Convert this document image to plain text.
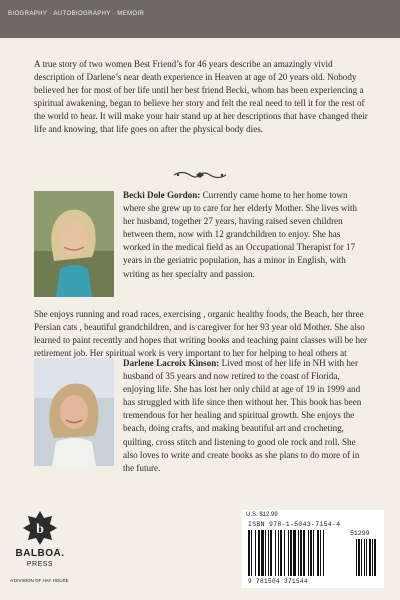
BIOGRAPHY · AUTOBIOGRAPHY · MEMOIR

A true story of two women Best Friend’s for 46 years describe an amazingly vivid description of Darlene’s near death experience in Heaven at age of 20 years old. Nobody believed her for most of her life until her best friend Becki, whom has been experiencing a spiritual awakening, began to believe her story and felt the real need to tell it for the rest of the world to hear. It will make your hair stand up at her descriptions that have changed their life and knowing, that life goes on after the physical body dies.

Becki Dole Gordon: Currently came home to her home town where she grew up to care for her elderly Mother. She lives with her husband, together 27 years, having raised seven children between them, now with 12 grandchildren to enjoy. She has worked in the medical field as an Occupational Therapist for 17 years in the geriatric population, has a minor in English, with writing as her specialty and passion.

She enjoys running and road races, exercising , organic healthy foods, the Beach, her three Persian cats , beautiful grandchildren, and is caregiver for her 93 year old Mother. She also learned to paint recently and hopes that writing books and teaching paint classes will be her retirement job. Her spiritual work is very important to her for helping to heal others at

Darlene Lacroix Kinson: Lived most of her life in NH with her husband of 35 years and now retired to the coast of Florida, enjoying life. She has lost her only child at age of 19 in 1999 and has struggled with life since then without her. This book has been tremendous for her healing and spiritual growth. She enjoys the beach, doing crafts, and making beautiful art and crocheting, quilting, cross stitch and listening to good ole rock and roll. She also loves to write and create books as she plans to do more of in the future.

b
BALBOA.
PRESS
A DIVISION OF HAY HOUSE
U.S. $12.99
ISBN 978-1-5043-7154-4
51299
9 781504 371544
